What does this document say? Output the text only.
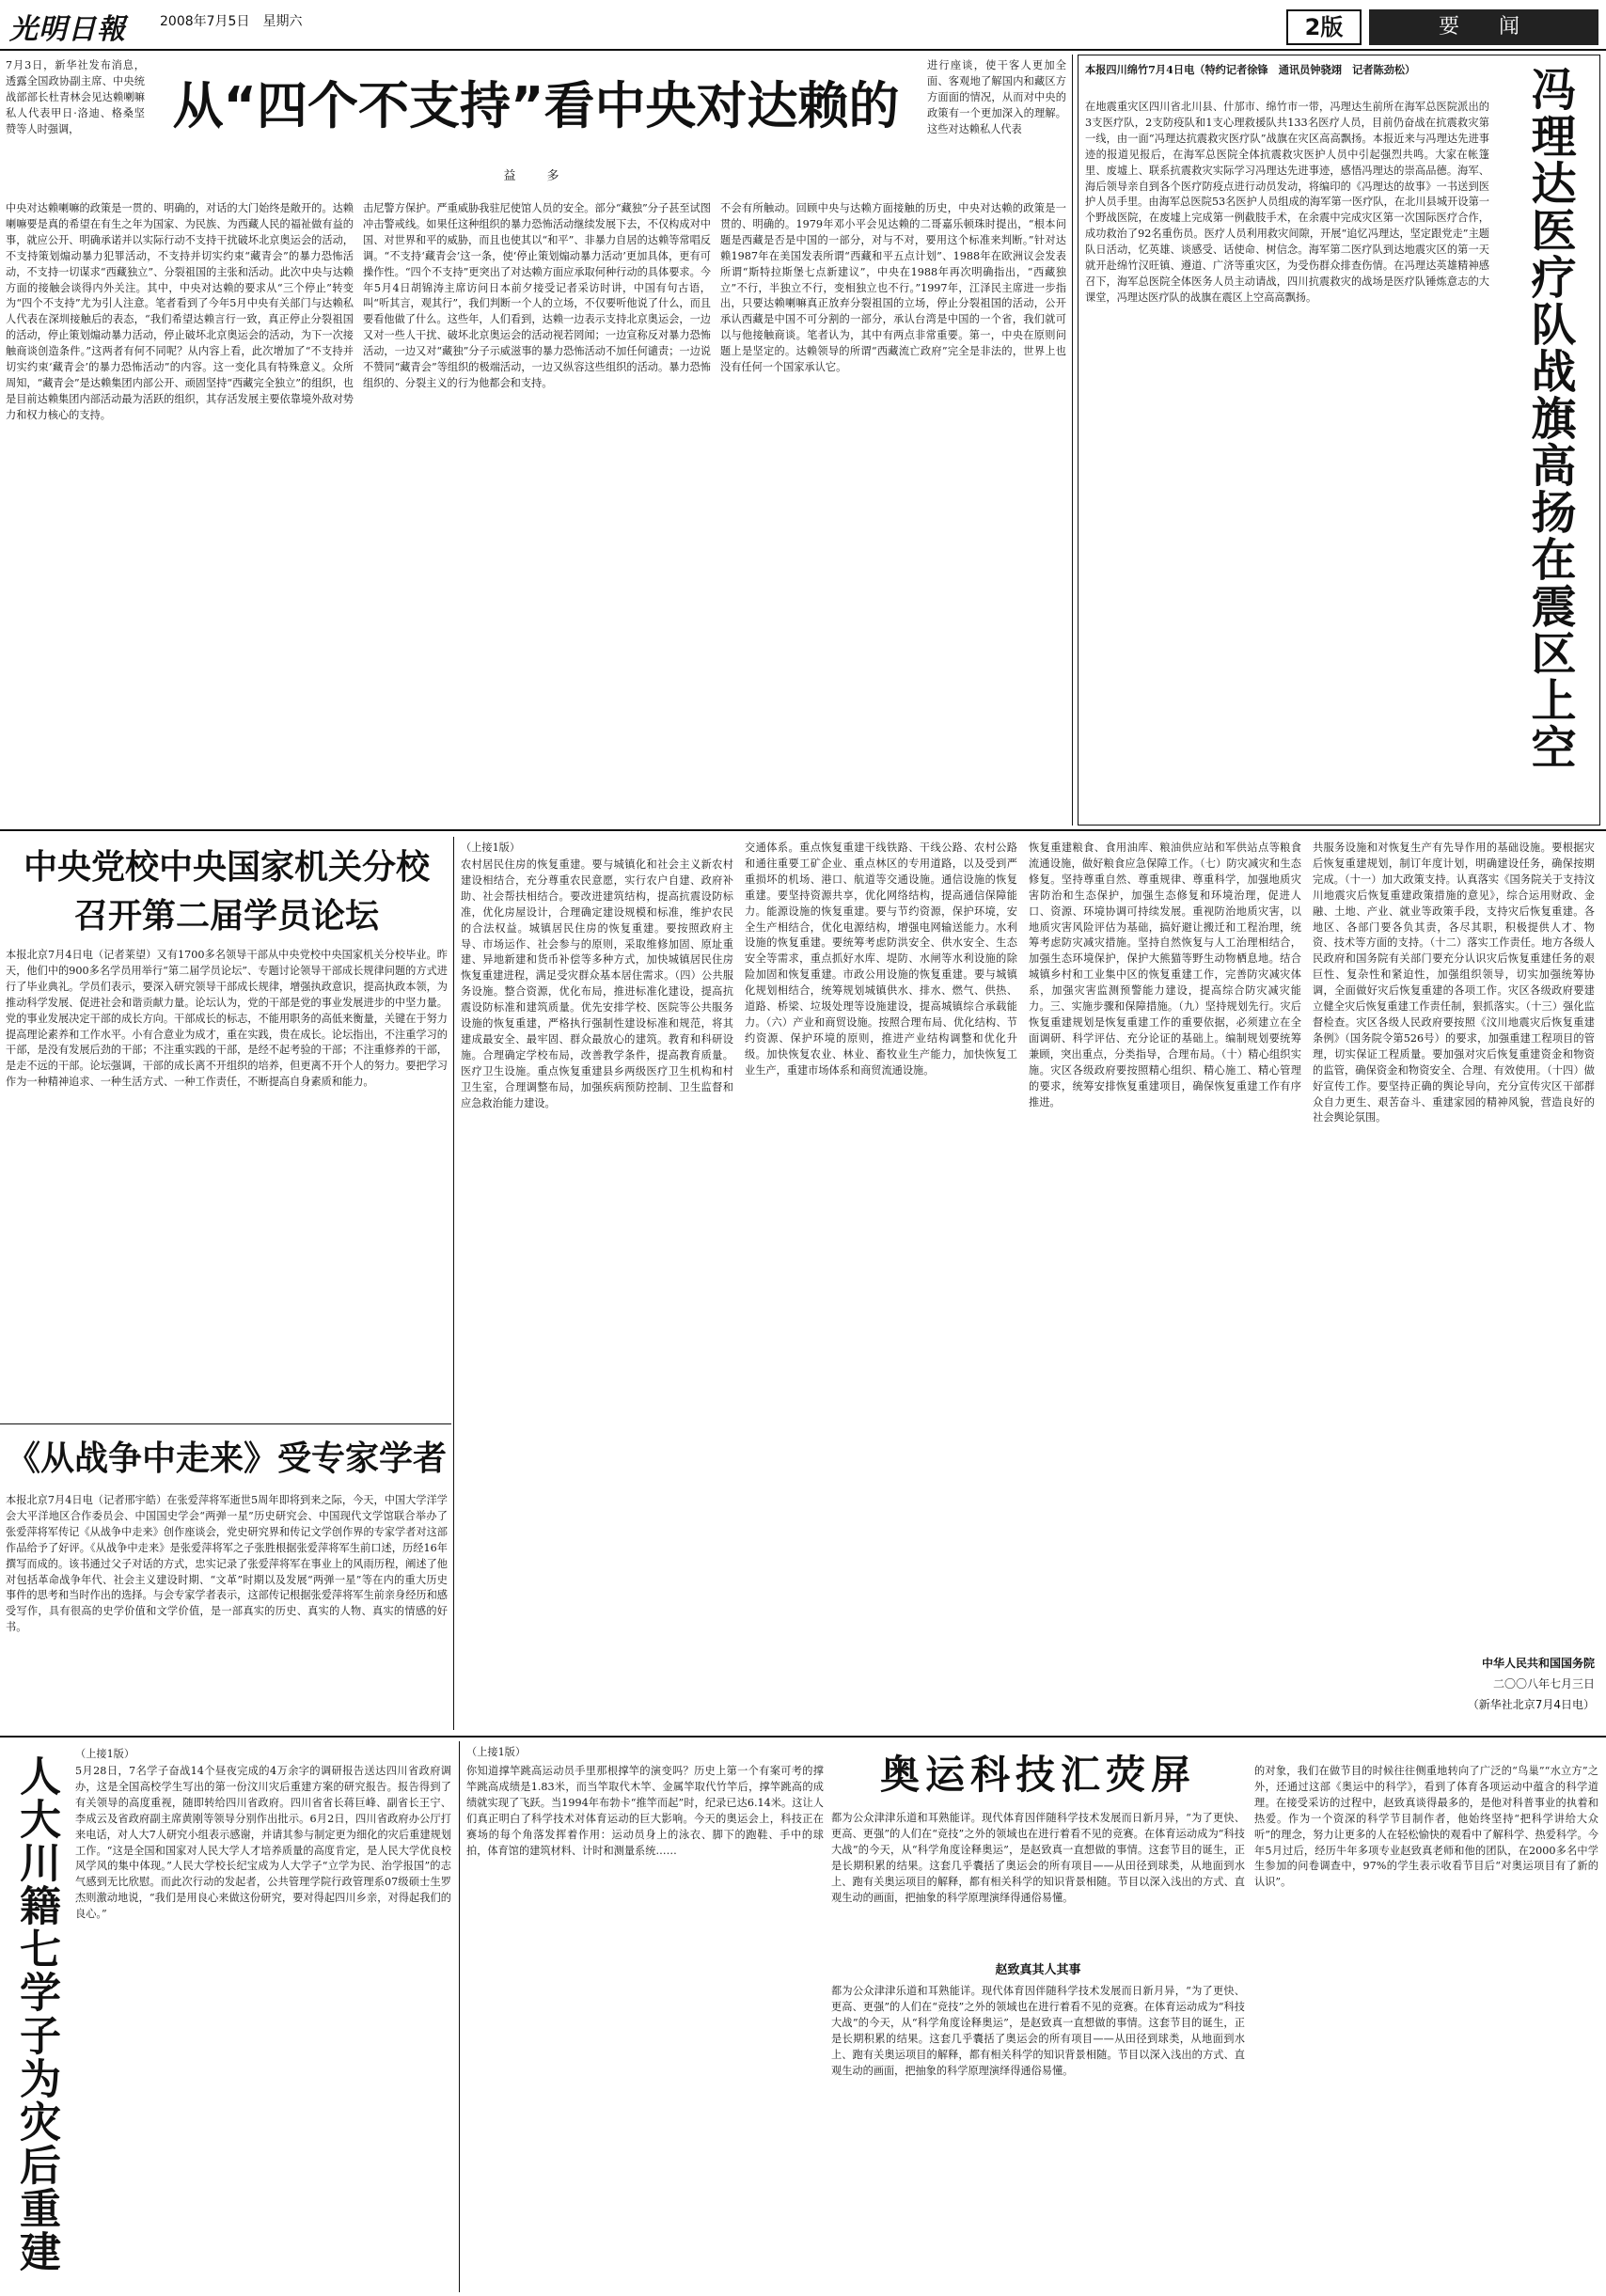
光明日報	2008年7月5日　星期六	2版	要　闻
7月3日，新华社发布消息，透露全国政协副主席、中央统战部部长杜青林会见达赖喇嘛私人代表甲日·洛迪、格桑坚赞等人时强调，	从“四个不支持”看中央对达赖的
益　多
进行座谈，使干客人更加全面、客观地了解国内和藏区方方面面的情况，从而对中央的政策有一个更加深入的理解。这些对达赖私人代表
中央对达赖喇嘛的政策是一贯的、明确的，对话的大门始终是敞开的。达赖喇嘛要是真的希望在有生之年为国家、为民族、为西藏人民的福祉做有益的事，就应公开、明确承诺并以实际行动不支持干扰破坏北京奥运会的活动，不支持策划煽动暴力犯罪活动，不支持并切实约束“藏青会”的暴力恐怖活动，不支持一切谋求“西藏独立”、分裂祖国的主张和活动。此次中央与达赖方面的接触会谈得内外关注。其中，中央对达赖的要求从“三个停止”转变为“四个不支持”尤为引人注意。笔者看到了今年5月中央有关部门与达赖私人代表在深圳接触后的表态，“我们希望达赖言行一致，真正停止分裂祖国的活动，停止策划煽动暴力活动，停止破坏北京奥运会的活动，为下一次接触商谈创造条件。”这两者有何不同呢？从内容上看，此次增加了“不支持并切实约束‘藏青会’的暴力恐怖活动”的内容。这一变化具有特殊意义。众所周知，“藏青会”是达赖集团内部公开、顽固坚持“西藏完全独立”的组织，也是目前达赖集团内部活动最为活跃的组织，其存活发展主要依靠境外敌对势力和权力核心的支持。
击尼警方保护。严重威胁我驻尼使馆人员的安全。部分“藏独”分子甚至试图冲击警戒线。如果任这种组织的暴力恐怖活动继续发展下去，不仅构成对中国、对世界和平的威胁，而且也使其以“和平”、非暴力自居的达赖等常唱反调。“不支持‘藏青会’这一条，使‘停止策划煽动暴力活动’更加具体，更有可操作性。“四个不支持”更突出了对达赖方面应承取何种行动的具体要求。今年5月4日胡锦涛主席访问日本前夕接受记者采访时讲，中国有句古语，叫“听其言，观其行”，我们判断一个人的立场，不仅要听他说了什么，而且要看他做了什么。这些年，人们看到，达赖一边表示支持北京奥运会，一边又对一些人干扰、破坏北京奥运会的活动视若罔闻；一边宣称反对暴力恐怖活动，一边又对“藏独”分子示威滋事的暴力恐怖活动不加任何谴责；一边说不赞同“藏青会”等组织的极端活动，一边又纵容这些组织的活动。暴力恐怖组织的、分裂主义的行为他都会和支持。
不会有所触动。回顾中央与达赖方面接触的历史，中央对达赖的政策是一贯的、明确的。1979年邓小平会见达赖的二哥嘉乐顿珠时提出，“根本问题是西藏是否是中国的一部分，对与不对，要用这个标准来判断。”针对达赖1987年在美国发表所谓“西藏和平五点计划”、1988年在欧洲议会发表所谓“斯特拉斯堡七点新建议”，中央在1988年再次明确指出，“西藏独立”不行，半独立不行，变相独立也不行。”1997年，江泽民主席进一步指出，只要达赖喇嘛真正放弃分裂祖国的立场，停止分裂祖国的活动，公开承认西藏是中国不可分割的一部分，承认台湾是中国的一个省，我们就可以与他接触商谈。笔者认为，其中有两点非常重要。第一，中央在原则问题上是坚定的。达赖领导的所谓“西藏流亡政府”完全是非法的，世界上也没有任何一个国家承认它。
本报四川绵竹7月4日电（特约记者徐锋　通讯员钟骁翊　记者陈劲松）
在地震重灾区四川省北川县、什邡市、绵竹市一带，冯理达生前所在海军总医院派出的3支医疗队，2支防疫队和1支心理救援队共133名医疗人员，目前仍奋战在抗震救灾第一线，由一面“冯理达抗震救灾医疗队”战旗在灾区高高飘扬。本报近来与冯理达先进事迹的报道见报后，在海军总医院全体抗震救灾医护人员中引起强烈共鸣。大家在帐篷里、废墟上、联系抗震救灾实际学习冯理达先进事迹，感悟冯理达的崇高品德。海军、海后领导亲自到各个医疗防疫点进行动员发动，将编印的《冯理达的故事》一书送到医护人员手里。由海军总医院53名医护人员组成的海军第一医疗队，在北川县城开设第一个野战医院，在废墟上完成第一例截肢手术，在余震中完成灾区第一次国际医疗合作，成功救治了92名重伤员。医疗人员利用救灾间隙，开展“追忆冯理达，坚定跟党走”主题队日活动，忆英雄、谈感受、话使命、树信念。海军第二医疗队到达地震灾区的第一天就开赴绵竹汉旺镇、遵道、广济等重灾区，为受伤群众排查伤情。在冯理达英雄精神感召下，海军总医院全体医务人员主动请战，四川抗震救灾的战场是医疗队锤炼意志的大课堂，冯理达医疗队的战旗在震区上空高高飘扬。	冯理达医疗队战旗高扬在震区上空
中央党校中央国家机关分校
召开第二届学员论坛
本报北京7月4日电（记者莱望）又有1700多名领导干部从中央党校中央国家机关分校毕业。昨天，他们中的900多名学员用举行“第二届学员论坛”、专题讨论领导干部成长规律问题的方式进行了毕业典礼。学员们表示，要深入研究领导干部成长规律，增强执政意识，提高执政本领，为推动科学发展、促进社会和谐贡献力量。论坛认为，党的干部是党的事业发展进步的中坚力量。党的事业发展决定干部的成长方向。干部成长的标志，不能用职务的高低来衡量，关键在于努力提高理论素养和工作水平。小有合意业为成才，重在实践，贵在成长。论坛指出，不注重学习的干部，是没有发展后劲的干部；不注重实践的干部，是经不起考验的干部；不注重修养的干部，是走不远的干部。论坛强调，干部的成长离不开组织的培养，但更离不开个人的努力。要把学习作为一种精神追求、一种生活方式、一种工作责任，不断提高自身素质和能力。
《从战争中走来》受专家学者
本报北京7月4日电（记者邢宇皓）在张爱萍将军逝世5周年即将到来之际，今天，中国大学洋学会大平洋地区合作委员会、中国国史学会“两弹一星”历史研究会、中国现代文学馆联合举办了张爱萍将军传记《从战争中走来》创作座谈会，党史研究界和传记文学创作界的专家学者对这部作品给予了好评。《从战争中走来》是张爱萍将军之子张胜根据张爱萍将军生前口述，历经16年撰写而成的。该书通过父子对话的方式，忠实记录了张爱萍将军在事业上的风雨历程，阐述了他对包括革命战争年代、社会主义建设时期、“文革”时期以及发展“两弹一星”等在内的重大历史事件的思考和当时作出的选择。与会专家学者表示，这部传记根据张爱萍将军生前亲身经历和感受写作，具有很高的史学价值和文学价值，是一部真实的历史、真实的人物、真实的情感的好书。
（上接1版）
农村居民住房的恢复重建。要与城镇化和社会主义新农村建设相结合，充分尊重农民意愿，实行农户自建、政府补助、社会帮扶相结合。要改进建筑结构，提高抗震设防标准，优化房屋设计，合理确定建设规模和标准，维护农民的合法权益。城镇居民住房的恢复重建。要按照政府主导、市场运作、社会参与的原则，采取维修加固、原址重建、异地新建和货币补偿等多种方式，加快城镇居民住房恢复重建进程，满足受灾群众基本居住需求。（四）公共服务设施。整合资源，优化布局，推进标准化建设，提高抗震设防标准和建筑质量。优先安排学校、医院等公共服务设施的恢复重建，严格执行强制性建设标准和规范，将其建成最安全、最牢固、群众最放心的建筑。教育和科研设施。合理确定学校布局，改善教学条件，提高教育质量。医疗卫生设施。重点恢复重建县乡两级医疗卫生机构和村卫生室，合理调整布局，加强疾病预防控制、卫生监督和应急救治能力建设。
交通体系。重点恢复重建干线铁路、干线公路、农村公路和通往重要工矿企业、重点林区的专用道路，以及受到严重损坏的机场、港口、航道等交通设施。通信设施的恢复重建。要坚持资源共享，优化网络结构，提高通信保障能力。能源设施的恢复重建。要与节约资源，保护环境，安全生产相结合，优化电源结构，增强电网输送能力。水利设施的恢复重建。要统筹考虑防洪安全、供水安全、生态安全等需求，重点抓好水库、堤防、水闸等水利设施的除险加固和恢复重建。市政公用设施的恢复重建。要与城镇化规划相结合，统筹规划城镇供水、排水、燃气、供热、道路、桥梁、垃圾处理等设施建设，提高城镇综合承载能力。（六）产业和商贸设施。按照合理布局、优化结构、节约资源、保护环境的原则，推进产业结构调整和优化升级。加快恢复农业、林业、畜牧业生产能力，加快恢复工业生产，重建市场体系和商贸流通设施。
恢复重建粮食、食用油库、粮油供应站和军供站点等粮食流通设施，做好粮食应急保障工作。（七）防灾减灾和生态修复。坚持尊重自然、尊重规律、尊重科学，加强地质灾害防治和生态保护，加强生态修复和环境治理，促进人口、资源、环境协调可持续发展。重视防治地质灾害，以地质灾害风险评估为基础，搞好避让搬迁和工程治理，统筹考虑防灾减灾措施。坚持自然恢复与人工治理相结合，加强生态环境保护，保护大熊猫等野生动物栖息地。结合城镇乡村和工业集中区的恢复重建工作，完善防灾减灾体系，加强灾害监测预警能力建设，提高综合防灾减灾能力。三、实施步骤和保障措施。（九）坚持规划先行。灾后恢复重建规划是恢复重建工作的重要依据，必须建立在全面调研、科学评估、充分论证的基础上。编制规划要统筹兼顾，突出重点，分类指导，合理布局。（十）精心组织实施。灾区各级政府要按照精心组织、精心施工、精心管理的要求，统筹安排恢复重建项目，确保恢复重建工作有序推进。
共服务设施和对恢复生产有先导作用的基础设施。要根据灾后恢复重建规划，制订年度计划，明确建设任务，确保按期完成。（十一）加大政策支持。认真落实《国务院关于支持汶川地震灾后恢复重建政策措施的意见》，综合运用财政、金融、土地、产业、就业等政策手段，支持灾后恢复重建。各地区、各部门要各负其责，各尽其职，积极提供人才、物资、技术等方面的支持。（十二）落实工作责任。地方各级人民政府和国务院有关部门要充分认识灾后恢复重建任务的艰巨性、复杂性和紧迫性，加强组织领导，切实加强统筹协调，全面做好灾后恢复重建的各项工作。灾区各级政府要建立健全灾后恢复重建工作责任制，狠抓落实。（十三）强化监督检查。灾区各级人民政府要按照《汶川地震灾后恢复重建条例》（国务院令第526号）的要求，加强重建工程项目的管理，切实保证工程质量。要加强对灾后恢复重建资金和物资的监管，确保资金和物资安全、合理、有效使用。（十四）做好宣传工作。要坚持正确的舆论导向，充分宣传灾区干部群众自力更生、艰苦奋斗、重建家园的精神风貌，营造良好的社会舆论氛围。
中华人民共和国国务院
二〇〇八年七月三日
（新华社北京7月4日电）
人大川籍七学子为灾后重建
（上接1版）
5月28日，7名学子奋战14个昼夜完成的4万余字的调研报告送达四川省政府调办，这是全国高校学生写出的第一份汶川灾后重建方案的研究报告。报告得到了有关领导的高度重视，随即转给四川省政府。四川省省长蒋巨峰、副省长王宁、李成云及省政府副主席黄刚等领导分别作出批示。6月2日，四川省政府办公厅打来电话，对人大7人研究小组表示感谢，并请其参与制定更为细化的灾后重建规划工作。“这是全国和国家对人民大学人才培养质量的高度肯定，是人民大学优良校风学风的集中体现。”人民大学校长纪宝成为人大学子“立学为民、治学报国”的志气感到无比欣慰。而此次行动的发起者，公共管理学院行政管理系07级硕士生罗杰则激动地说，“我们是用良心来做这份研究，要对得起四川乡亲，对得起我们的良心。”
（上接1版）
你知道撑竿跳高运动员手里那根撑竿的演变吗？历史上第一个有案可考的撑竿跳高成绩是1.83米，而当竿取代木竿、金属竿取代竹竿后，撑竿跳高的成绩就实现了飞跃。当1994年布勃卡“推竿而起”时，纪录已达6.14米。这让人们真正明白了科学技术对体育运动的巨大影响。今天的奥运会上，科技正在赛场的每个角落发挥着作用：运动员身上的泳衣、脚下的跑鞋、手中的球拍，体育馆的建筑材料、计时和测量系统……
奥运科技汇荧屏
都为公众津津乐道和耳熟能详。现代体育因伴随科学技术发展而日新月异，“为了更快、更高、更强”的人们在“竞技”之外的领域也在进行着看不见的竞赛。在体育运动成为“科技大战”的今天，从“科学角度诠释奥运”，是赵致真一直想做的事情。这套节目的诞生，正是长期积累的结果。这套几乎囊括了奥运会的所有项目——从田径到球类，从地面到水上、跑有关奥运项目的解释，都有相关科学的知识背景相随。节目以深入浅出的方式、直观生动的画面，把抽象的科学原理演绎得通俗易懂。
赵致真其人其事
都为公众津津乐道和耳熟能详。现代体育因伴随科学技术发展而日新月异，“为了更快、更高、更强”的人们在“竞技”之外的领域也在进行着看不见的竞赛。在体育运动成为“科技大战”的今天，从“科学角度诠释奥运”，是赵致真一直想做的事情。这套节目的诞生，正是长期积累的结果。这套几乎囊括了奥运会的所有项目——从田径到球类，从地面到水上、跑有关奥运项目的解释，都有相关科学的知识背景相随。节目以深入浅出的方式、直观生动的画面，把抽象的科学原理演绎得通俗易懂。
的对象，我们在做节目的时候往往侧重地转向了广泛的“鸟巢”“水立方”之外，还通过这部《奥运中的科学》，看到了体育各项运动中蕴含的科学道理。在接受采访的过程中，赵致真谈得最多的，是他对科普事业的执着和热爱。作为一个资深的科学节目制作者，他始终坚持“把科学讲给大众听”的理念，努力让更多的人在轻松愉快的观看中了解科学、热爱科学。今年5月过后，经历牛年多项专业赵致真老师和他的团队，在2000多名中学生参加的问卷调查中，97%的学生表示收看节目后“对奥运项目有了新的认识”。
